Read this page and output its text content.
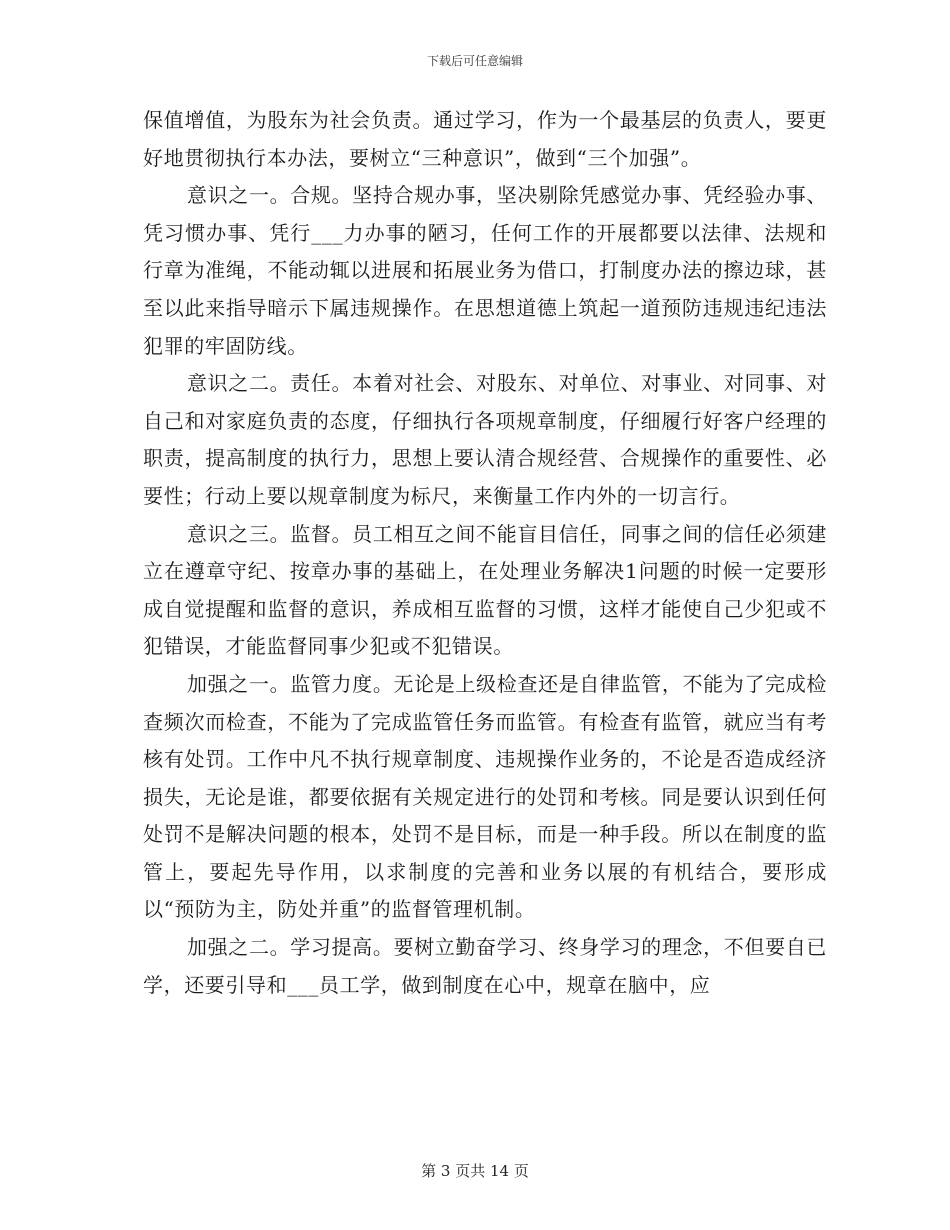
下载后可任意编辑

保值增值，为股东为社会负责。通过学习，作为一个最基层的负责人，要更好地贯彻执行本办法，要树立“三种意识”，做到“三个加强”。

意识之一。合规。坚持合规办事，坚决剔除凭感觉办事、凭经验办事、凭习惯办事、凭行___力办事的陋习，任何工作的开展都要以法律、法规和行章为准绳，不能动辄以进展和拓展业务为借口，打制度办法的擦边球，甚至以此来指导暗示下属违规操作。在思想道德上筑起一道预防违规违纪违法犯罪的牢固防线。

意识之二。责任。本着对社会、对股东、对单位、对事业、对同事、对自己和对家庭负责的态度，仔细执行各项规章制度，仔细履行好客户经理的职责，提高制度的执行力，思想上要认清合规经营、合规操作的重要性、必要性；行动上要以规章制度为标尺，来衡量工作内外的一切言行。

意识之三。监督。员工相互之间不能盲目信任，同事之间的信任必须建立在遵章守纪、按章办事的基础上，在处理业务解决1问题的时候一定要形成自觉提醒和监督的意识，养成相互监督的习惯，这样才能使自己少犯或不犯错误，才能监督同事少犯或不犯错误。

加强之一。监管力度。无论是上级检查还是自律监管，不能为了完成检查频次而检查，不能为了完成监管任务而监管。有检查有监管，就应当有考核有处罚。工作中凡不执行规章制度、违规操作业务的，不论是否造成经济损失，无论是谁，都要依据有关规定进行的处罚和考核。同是要认识到任何处罚不是解决问题的根本，处罚不是目标，而是一种手段。所以在制度的监管上，要起先导作用，以求制度的完善和业务以展的有机结合，要形成以“预防为主，防处并重”的监督管理机制。

加强之二。学习提高。要树立勤奋学习、终身学习的理念，不但要自已学，还要引导和___员工学，做到制度在心中，规章在脑中，应

第 3 页共 14 页
